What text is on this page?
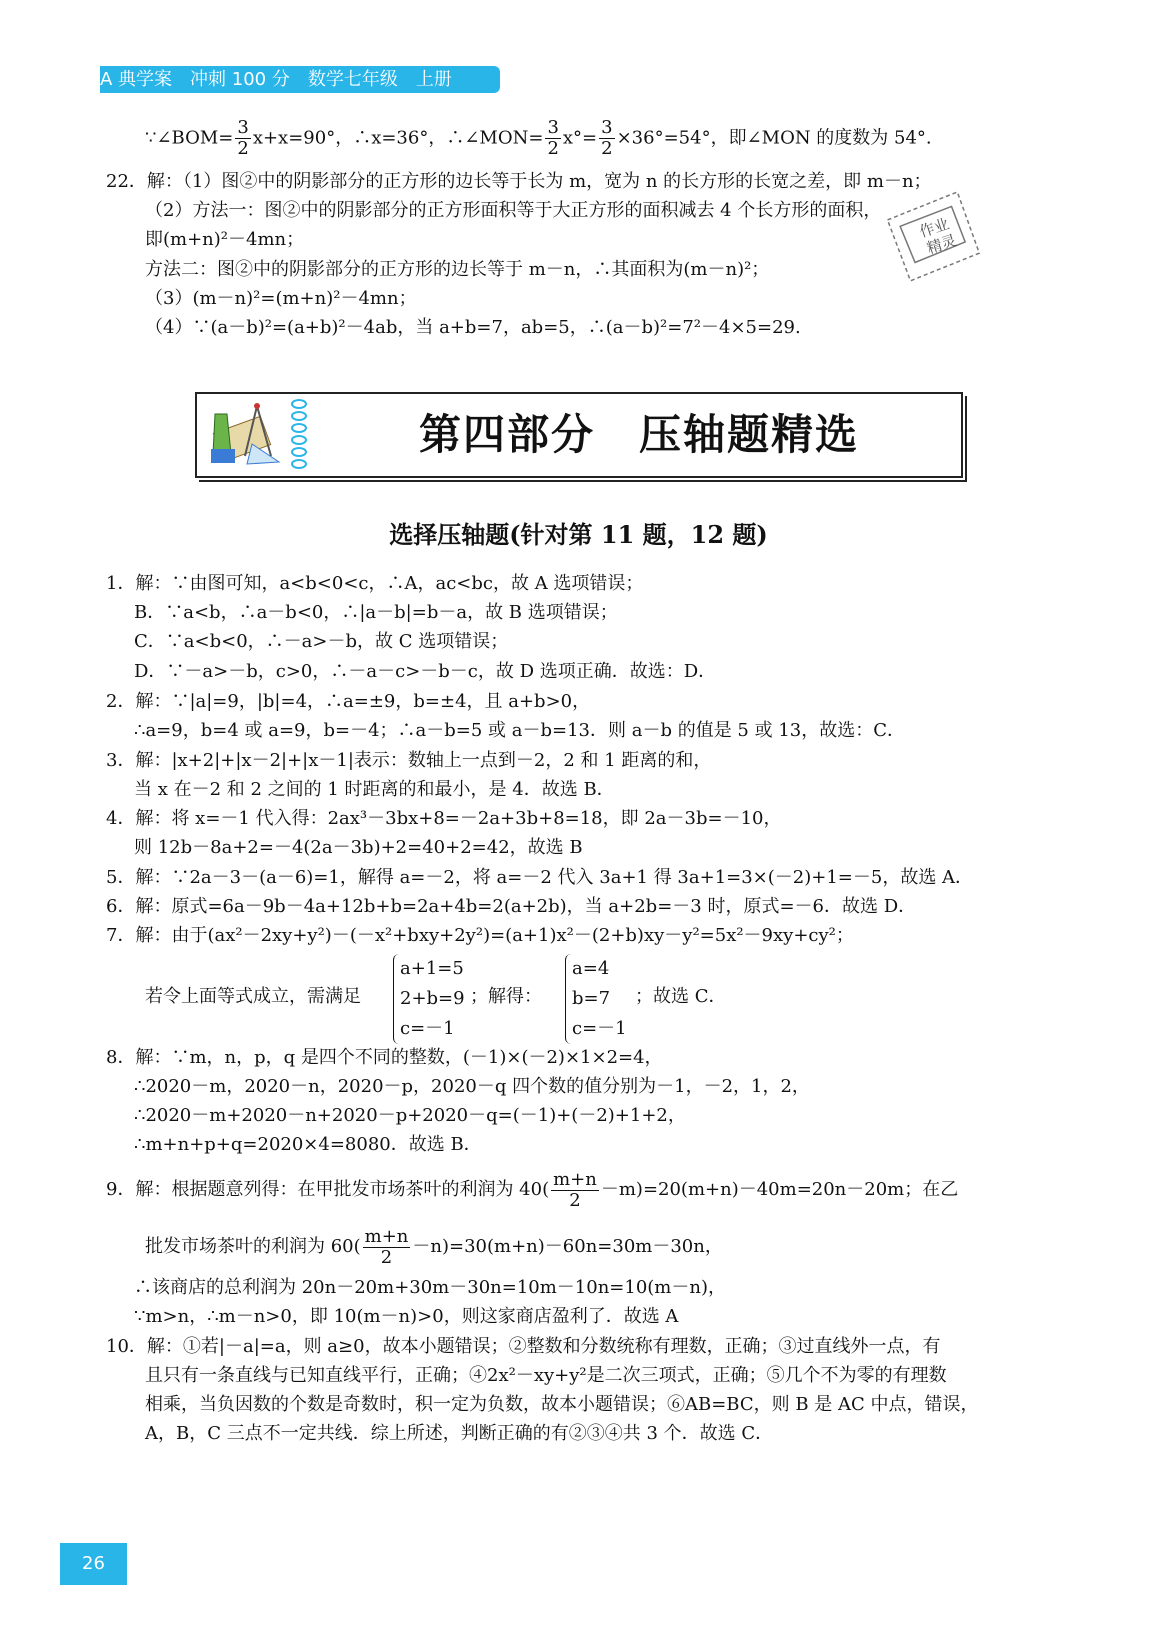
A 典学案　冲刺 100 分　数学七年级　上册
∵∠BOM= $\frac{3}{2} x+x=90^\circ$，∴x=36°，∴∠MON= $\frac{3}{2} x^\circ= \frac{3}{2} \times 36^\circ=54^\circ$，即∠MON 的度数为 54°.
22．解：（1）图②中的阴影部分的正方形的边长等于长为 m，宽为 n 的长方形的长宽之差，即 m－n；
（2）方法一：图②中的阴影部分的正方形面积等于大正方形的面积减去 4 个长方形的面积，
即(m+n)²－4mn；
方法二：图②中的阴影部分的正方形的边长等于 m－n，∴其面积为(m－n)²；
（3）(m－n)²=(m+n)²－4mn；
（4）∵(a－b)²=(a+b)²－4ab，当 a+b=7，ab=5，∴(a－b)²=7²－4×5=29.
作业
精灵
第四部分　压轴题精选
选择压轴题(针对第 11 题，12 题)
1．解：∵由图可知，a<b<0<c，∴A，ac<bc，故 A 选项错误；
B．∵a<b，∴a－b<0，∴|a－b|=b－a，故 B 选项错误；
C．∵a<b<0，∴－a>－b，故 C 选项错误；
D．∵－a>－b，c>0，∴－a－c>－b－c，故 D 选项正确．故选：D．
2．解：∵|a|=9，|b|=4，∴a=±9，b=±4，且 a+b>0，
∴a=9，b=4 或 a=9，b=－4；∴a－b=5 或 a－b=13．则 a－b 的值是 5 或 13，故选：C．
3．解：|x+2|+|x－2|+|x－1|表示：数轴上一点到－2，2 和 1 距离的和，
当 x 在－2 和 2 之间的 1 时距离的和最小，是 4．故选 B．
4．解：将 x=－1 代入得：2ax³－3bx+8=－2a+3b+8=18，即 2a－3b=－10，
则 12b－8a+2=－4(2a－3b)+2=40+2=42，故选 B
5．解：∵2a－3－(a－6)=1，解得 a=－2，将 a=－2 代入 3a+1 得 3a+1=3×(－2)+1=－5，故选 A．
6．解：原式=6a－9b－4a+12b+b=2a+4b=2(a+2b)，当 a+2b=－3 时，原式=－6．故选 D．
7．解：由于(ax²－2xy+y²)－(－x²+bxy+2y²)=(a+1)x²－(2+b)xy－y²=5x²－9xy+cy²；
若令上面等式成立，需满足
a+1=5
2+b=9
c=－1
；解得：
a=4
b=7
c=－1
；故选 C．
8．解：∵m，n，p，q 是四个不同的整数，(－1)×(－2)×1×2=4，
∴2020－m，2020－n，2020－p，2020－q 四个数的值分别为－1，－2，1，2，
∴2020－m+2020－n+2020－p+2020－q=(－1)+(－2)+1+2，
∴m+n+p+q=2020×4=8080．故选 B．
9．解：根据题意列得：在甲批发市场茶叶的利润为 $40( \frac{m+n}{2} -m)=20(m+n)-40m=20n-20m$；在乙
批发市场茶叶的利润为 $60( \frac{m+n}{2} -n)=30(m+n)-60n=30m-30n$，
∴该商店的总利润为 20n－20m+30m－30n=10m－10n=10(m－n)，
∵m>n，∴m－n>0，即 10(m－n)>0，则这家商店盈利了．故选 A
10．解：①若|－a|=a，则 a≥0，故本小题错误；②整数和分数统称有理数，正确；③过直线外一点，有
且只有一条直线与已知直线平行，正确；④2x²－xy+y²是二次三项式，正确；⑤几个不为零的有理数
相乘，当负因数的个数是奇数时，积一定为负数，故本小题错误；⑥AB=BC，则 B 是 AC 中点，错误，
A，B，C 三点不一定共线．综上所述，判断正确的有②③④共 3 个．故选 C．
26
